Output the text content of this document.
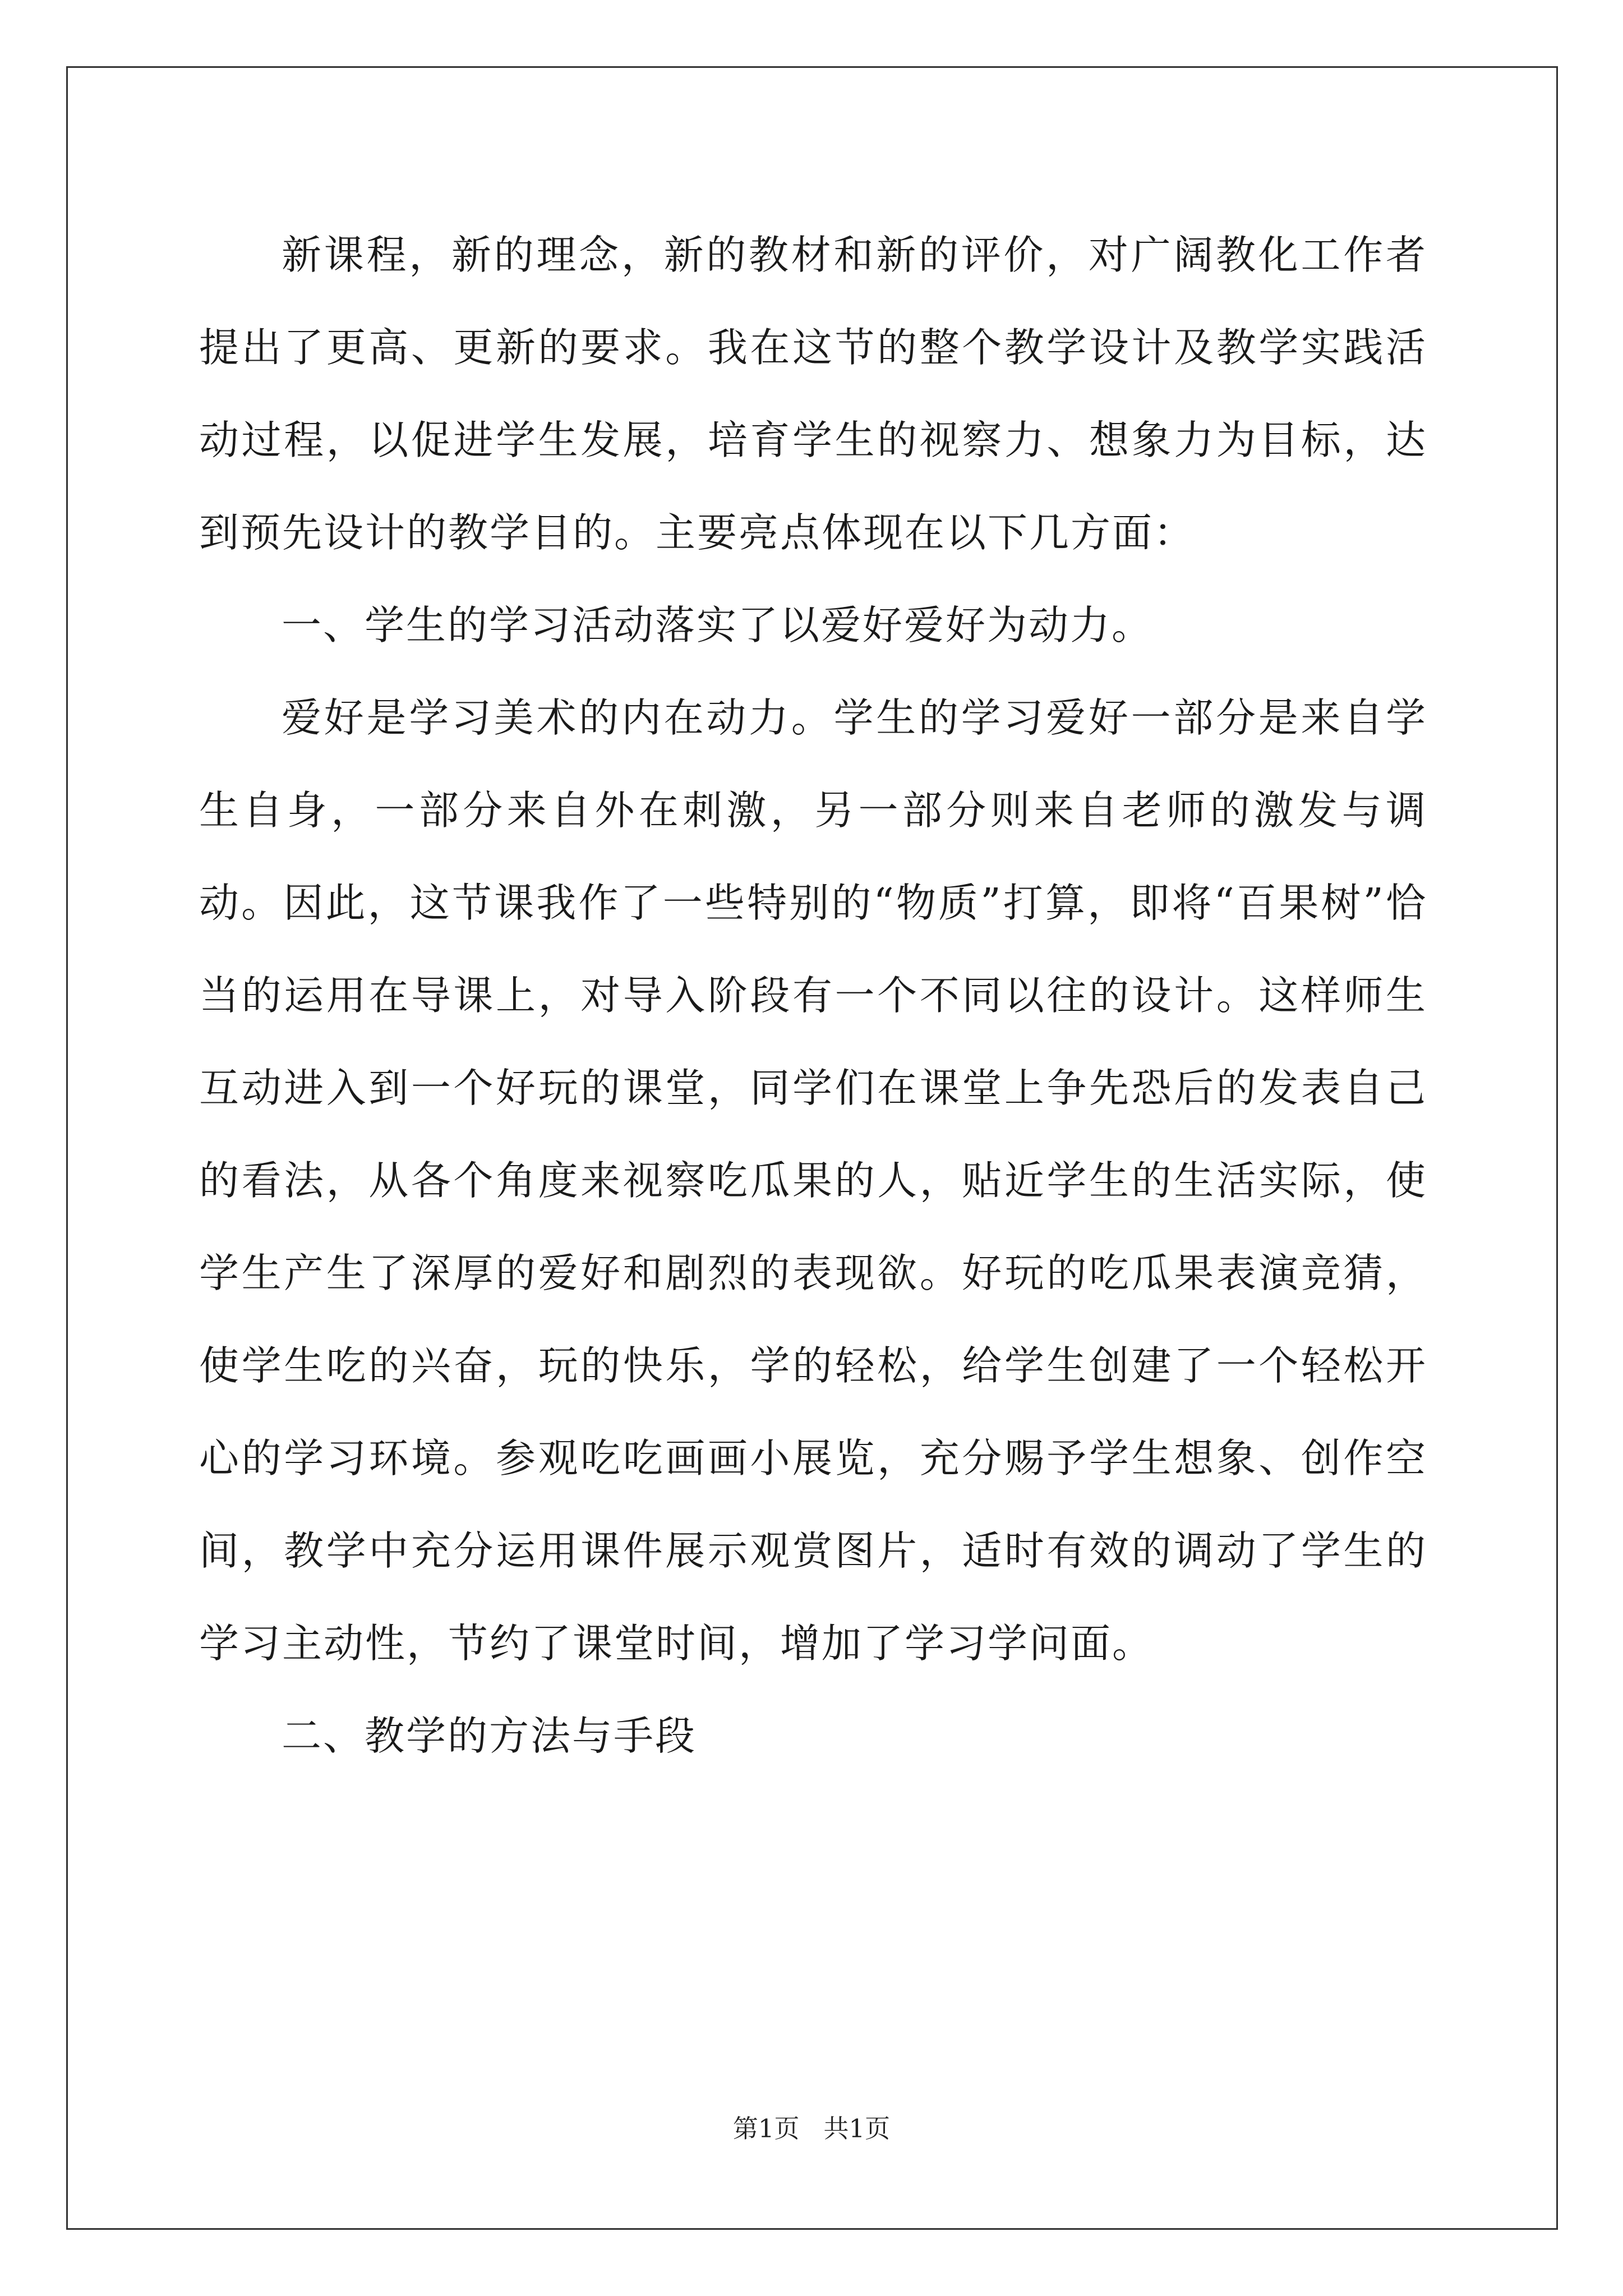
新课程，新的理念，新的教材和新的评价，对广阔教化工作者提出了更高、更新的要求。我在这节的整个教学设计及教学实践活动过程，以促进学生发展，培育学生的视察力、想象力为目标，达到预先设计的教学目的。主要亮点体现在以下几方面：

一、学生的学习活动落实了以爱好爱好为动力。

爱好是学习美术的内在动力。学生的学习爱好一部分是来自学生自身，一部分来自外在刺激，另一部分则来自老师的激发与调动。因此，这节课我作了一些特别的“物质”打算，即将“百果树”恰当的运用在导课上，对导入阶段有一个不同以往的设计。这样师生互动进入到一个好玩的课堂，同学们在课堂上争先恐后的发表自己的看法，从各个角度来视察吃瓜果的人，贴近学生的生活实际，使学生产生了深厚的爱好和剧烈的表现欲。好玩的吃瓜果表演竞猜，使学生吃的兴奋，玩的快乐，学的轻松，给学生创建了一个轻松开心的学习环境。参观吃吃画画小展览，充分赐予学生想象、创作空间，教学中充分运用课件展示观赏图片，适时有效的调动了学生的学习主动性，节约了课堂时间，增加了学习学问面。

二、教学的方法与手段

第1页 共1页
